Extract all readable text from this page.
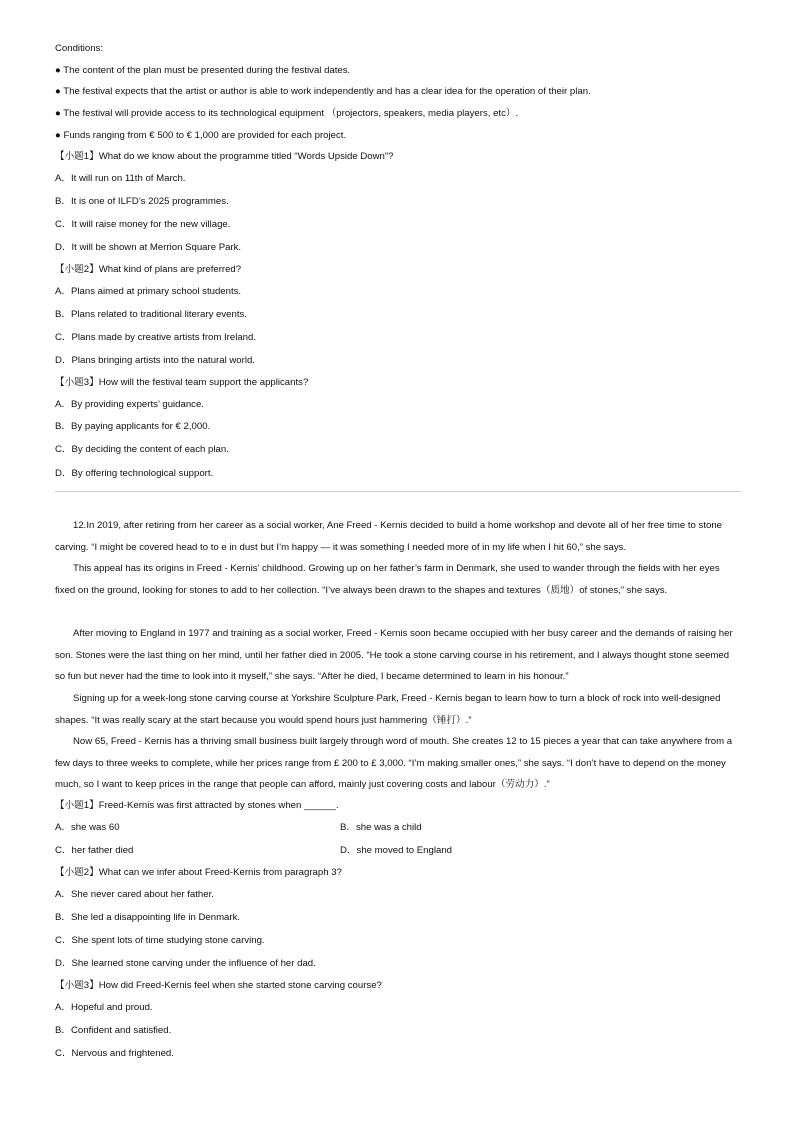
Conditions:
● The content of the plan must be presented during the festival dates.
● The festival expects that the artist or author is able to work independently and has a clear idea for the operation of their plan.
● The festival will provide access to its technological equipment （projectors, speakers, media players, etc）.
● Funds ranging from € 500 to € 1,000 are provided for each project.
【小题1】What do we know about the programme titled “Words Upside Down”?
A．It will run on 11th of March.
B．It is one of ILFD’s 2025 programmes.
C．It will raise money for the new village.
D．It will be shown at Merrion Square Park.
【小题2】What kind of plans are preferred?
A．Plans aimed at primary school students.
B．Plans related to traditional literary events.
C．Plans made by creative artists from Ireland.
D．Plans bringing artists into the natural world.
【小题3】How will the festival team support the applicants?
A．By providing experts’ guidance.
B．By paying applicants for € 2,000.
C．By deciding the content of each plan.
D．By offering technological support.
12.In 2019, after retiring from her career as a social worker, Ane Freed - Kernis decided to build a home workshop and devote all of her free time to stone carving. “I might be covered head to to e in dust but I’m happy — it was something I needed more of in my life when I hit 60,” she says.
This appeal has its origins in Freed - Kernis’ childhood. Growing up on her father’s farm in Denmark, she used to wander through the fields with her eyes fixed on the ground, looking for stones to add to her collection. “I’ve always been drawn to the shapes and textures（质地）of stones,” she says.
After moving to England in 1977 and training as a social worker, Freed - Kernis soon became occupied with her busy career and the demands of raising her son. Stones were the last thing on her mind, until her father died in 2005. “He took a stone carving course in his retirement, and I always thought stone seemed so fun but never had the time to look into it myself,” she says. “After he died, I became determined to learn in his honour.”
Signing up for a week-long stone carving course at Yorkshire Sculpture Park, Freed - Kernis began to learn how to turn a block of rock into well-designed shapes. “It was really scary at the start because you would spend hours just hammering（锤打）.”
Now 65, Freed - Kernis has a thriving small business built largely through word of mouth. She creates 12 to 15 pieces a year that can take anywhere from a few days to three weeks to complete, while her prices range from £ 200 to £ 3,000. “I’m making smaller ones,” she says. “I don’t have to depend on the money much, so I want to keep prices in the range that people can afford, mainly just covering costs and labour（劳动力）.”
【小题1】Freed-Kernis was first attracted by stones when ______.
A．she was 60	B．she was a child
C．her father died	D．she moved to England
【小题2】What can we infer about Freed-Kernis from paragraph 3?
A．She never cared about her father.
B．She led a disappointing life in Denmark.
C．She spent lots of time studying stone carving.
D．She learned stone carving under the influence of her dad.
【小题3】How did Freed-Kernis feel when she started stone carving course?
A．Hopeful and proud.
B．Confident and satisfied.
C．Nervous and frightened.
